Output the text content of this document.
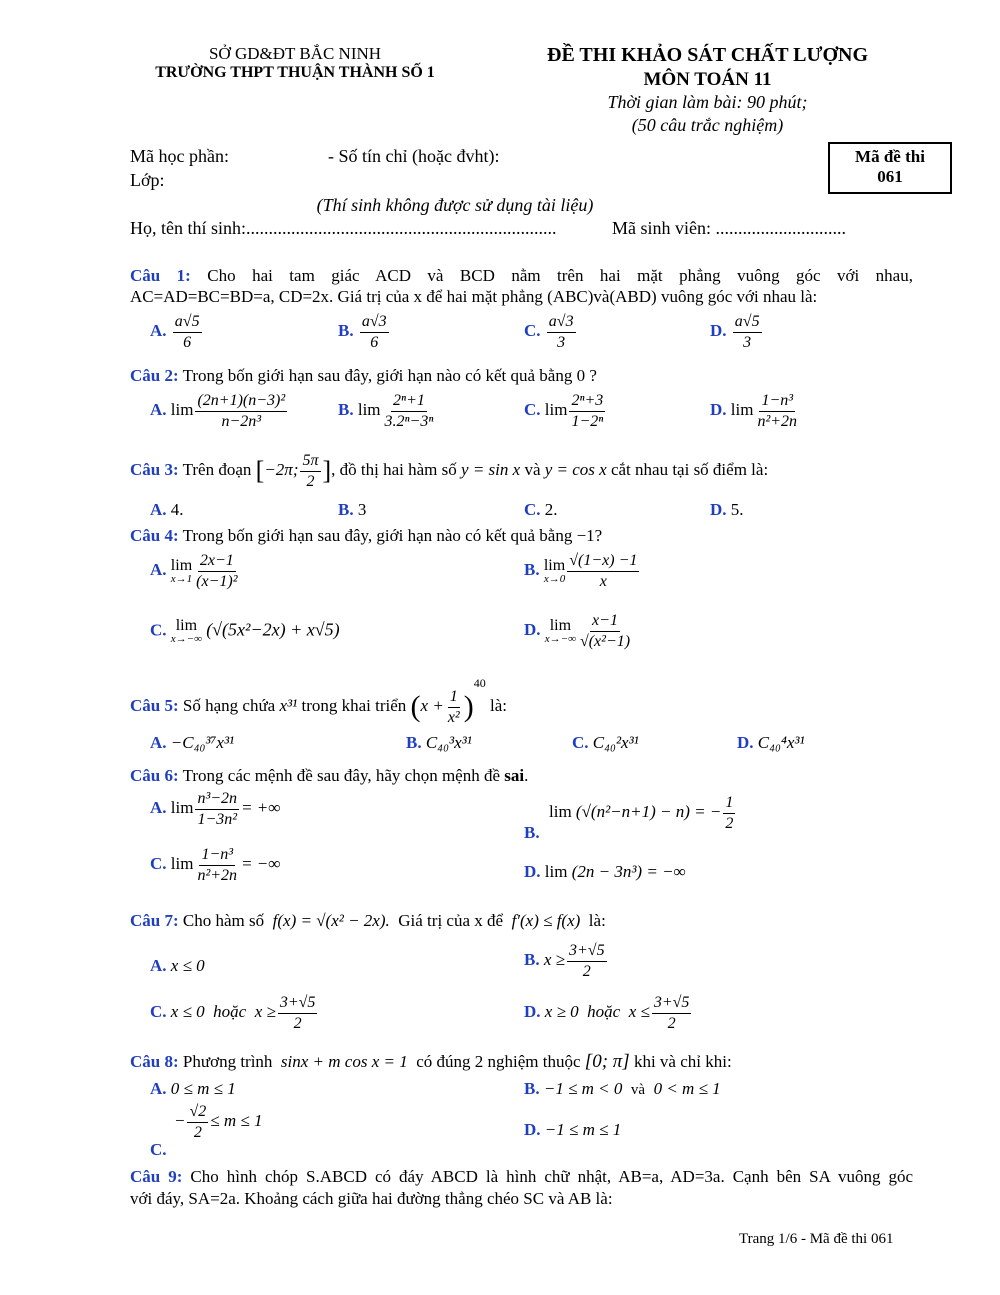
SỞ GD&ĐT BẮC NINH
TRƯỜNG THPT THUẬN THÀNH SỐ 1
ĐỀ THI KHẢO SÁT CHẤT LƯỢNG
MÔN TOÁN 11
Thời gian làm bài: 90 phút;
(50 câu trắc nghiệm)
Mã học phần:	- Số tín chỉ (hoặc đvht):
Lớp:
Mã đề thi
061
(Thí sinh không được sử dụng tài liệu)
Họ, tên thí sinh:.....................................................................	Mã sinh viên: .............................
Câu 1: Cho hai tam giác ACD và BCD nằm trên hai mặt phẳng vuông góc với nhau,
AC=AD=BC=BD=a, CD=2x. Giá trị của x để hai mặt phẳng (ABC)và(ABD) vuông góc với nhau là:
A. $\frac{a√5}{6}$	B. $\frac{a√3}{6}$	C. $\frac{a√3}{3}$	D. $\frac{a√5}{3}$
Câu 2: Trong bốn giới hạn sau đây, giới hạn nào có kết quả bằng 0 ?
A. $\lim \frac{\text{(2n+1)(n−3)²}}{\text{n−2n³}}$	B. $\lim \frac{\text{2ⁿ+1}}{\text{3.2ⁿ−3ⁿ}}$	C. $\lim \frac{\text{2ⁿ+3}}{\text{1−2ⁿ}}$	D. $\lim \frac{\text{1−n³}}{\text{n²+2n}}$
Câu 3: Trên đoạn [−2π; $\frac{5\pi}{2}$ ], đồ thị hai hàm số y = sin x và y = cos x cắt nhau tại số điểm là:
A. 4.	B. 3	C. 2.	D. 5.
Câu 4: Trong bốn giới hạn sau đây, giới hạn nào có kết quả bằng −1?
A. lim
$x\to 1 \frac{2x-1}{\text{(x−1)²}}$	B. lim
$x\to 0 \frac{√(1-x) -1}{x}$
C. lim
x→−∞ (√(5x²−2x) + x√5)	D. lim
$x\to-\infty \frac{x-1}{\text{√(x²−1)}}$
Câu 5: Số hạng chứa x³¹ trong khai triển $(x + \frac{1}{\text{x²}} )^{40}$ là:
A. −C₄₀³⁷x³¹	B. C₄₀³x³¹	C. C₄₀²x³¹	D. C₄₀⁴x³¹
Câu 6: Trong các mệnh đề sau đây, hãy chọn mệnh đề sai.
A. $\lim \frac{\text{n³−2n}}{\text{1−3n²}}$ = +∞	lim (√(n²−n+1) − n) = − $\frac{1}{2}$
B.
C. $\lim \frac{\text{1−n³}}{\text{n²+2n}}$ = −∞	D. lim (2n − 3n³) = −∞
Câu 7: Cho hàm số f(x) = √(x² − 2x). Giá trị của x để f′(x) ≤ f(x) là:
A. x ≤ 0	B. $x \ge \frac{3+√5}{2}$
C. x ≤ 0  hoặc  $x \ge \frac{3+√5}{2}$	D. x ≥ 0  hoặc  $x \le \frac{3+√5}{2}$
Câu 8: Phương trình sinx + m cos x = 1 có đúng 2 nghiệm thuộc [0; π] khi và chỉ khi:
A. 0 ≤ m ≤ 1	B. −1 ≤ m < 0 và 0 < m ≤ 1
− $\frac{√2}{2} \le m \le 1$
C.
D. −1 ≤ m ≤ 1
Câu 9: Cho hình chóp S.ABCD có đáy ABCD là hình chữ nhật, AB=a, AD=3a. Cạnh bên SA vuông góc
với đáy, SA=2a. Khoảng cách giữa hai đường thẳng chéo SC và AB là:
Trang 1/6 - Mã đề thi 061
